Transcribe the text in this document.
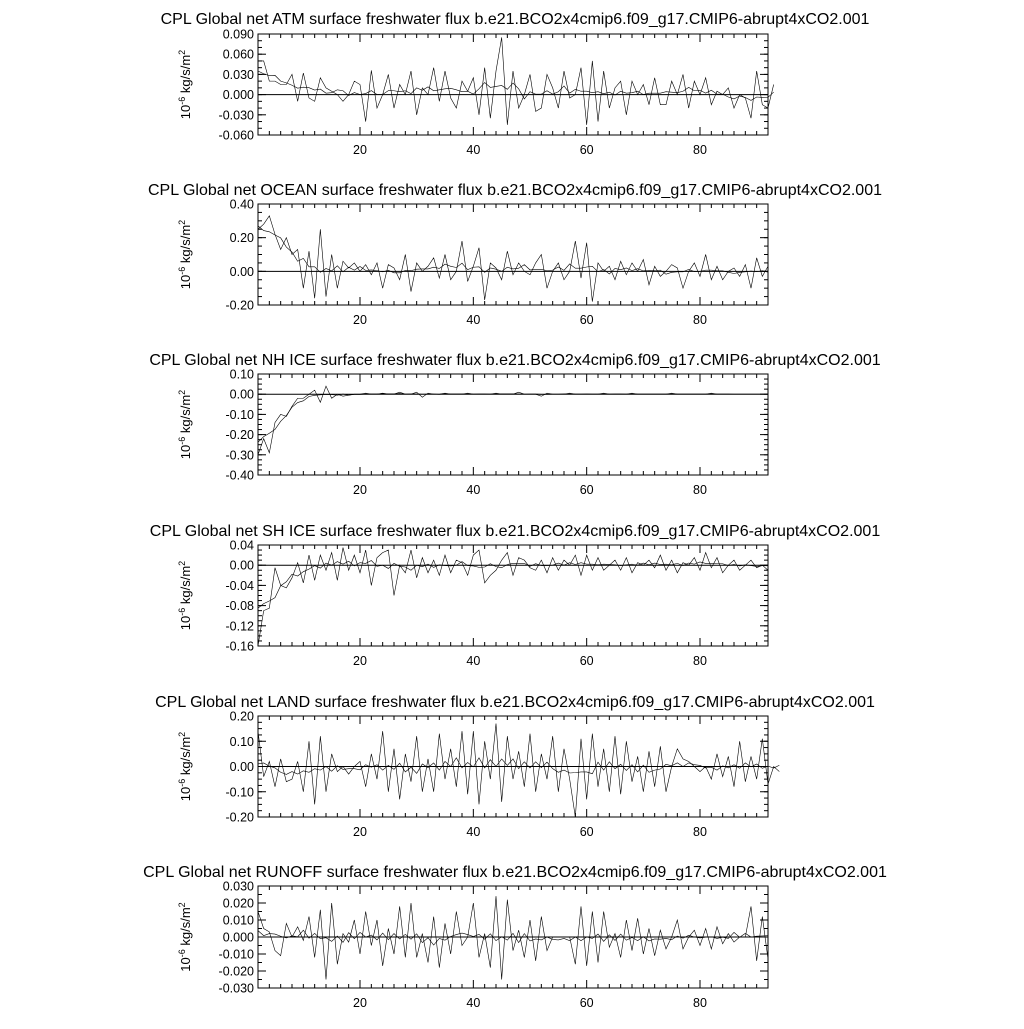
CPL Global net ATM surface freshwater flux b.e21.BCO2x4cmip6.f09_g17.CMIP6-abrupt4xCO2.001
20	40	60	80
0.090
0.060
0.030
0.000
-0.030
-0.060
$10^{-6}$ $kg/s/m^2$
CPL Global net OCEAN surface freshwater flux b.e21.BCO2x4cmip6.f09_g17.CMIP6-abrupt4xCO2.001
20	40	60	80
0.40
0.20
0.00
-0.20
$10^{-6}$ $kg/s/m^2$
CPL Global net NH ICE surface freshwater flux b.e21.BCO2x4cmip6.f09_g17.CMIP6-abrupt4xCO2.001
20	40	60	80
0.10
0.00
-0.10
-0.20
-0.30
-0.40
$10^{-6}$ $kg/s/m^2$
CPL Global net SH ICE surface freshwater flux b.e21.BCO2x4cmip6.f09_g17.CMIP6-abrupt4xCO2.001
20	40	60	80
0.04
0.00
-0.04
-0.08
-0.12
-0.16
$10^{-6}$ $kg/s/m^2$
CPL Global net LAND surface freshwater flux b.e21.BCO2x4cmip6.f09_g17.CMIP6-abrupt4xCO2.001
20	40	60	80
0.20
0.10
0.00
-0.10
-0.20
$10^{-6}$ $kg/s/m^2$
CPL Global net RUNOFF surface freshwater flux b.e21.BCO2x4cmip6.f09_g17.CMIP6-abrupt4xCO2.001
20	40	60	80
0.030
0.020
0.010
0.000
-0.010
-0.020
-0.030
$10^{-6}$ $kg/s/m^2$
